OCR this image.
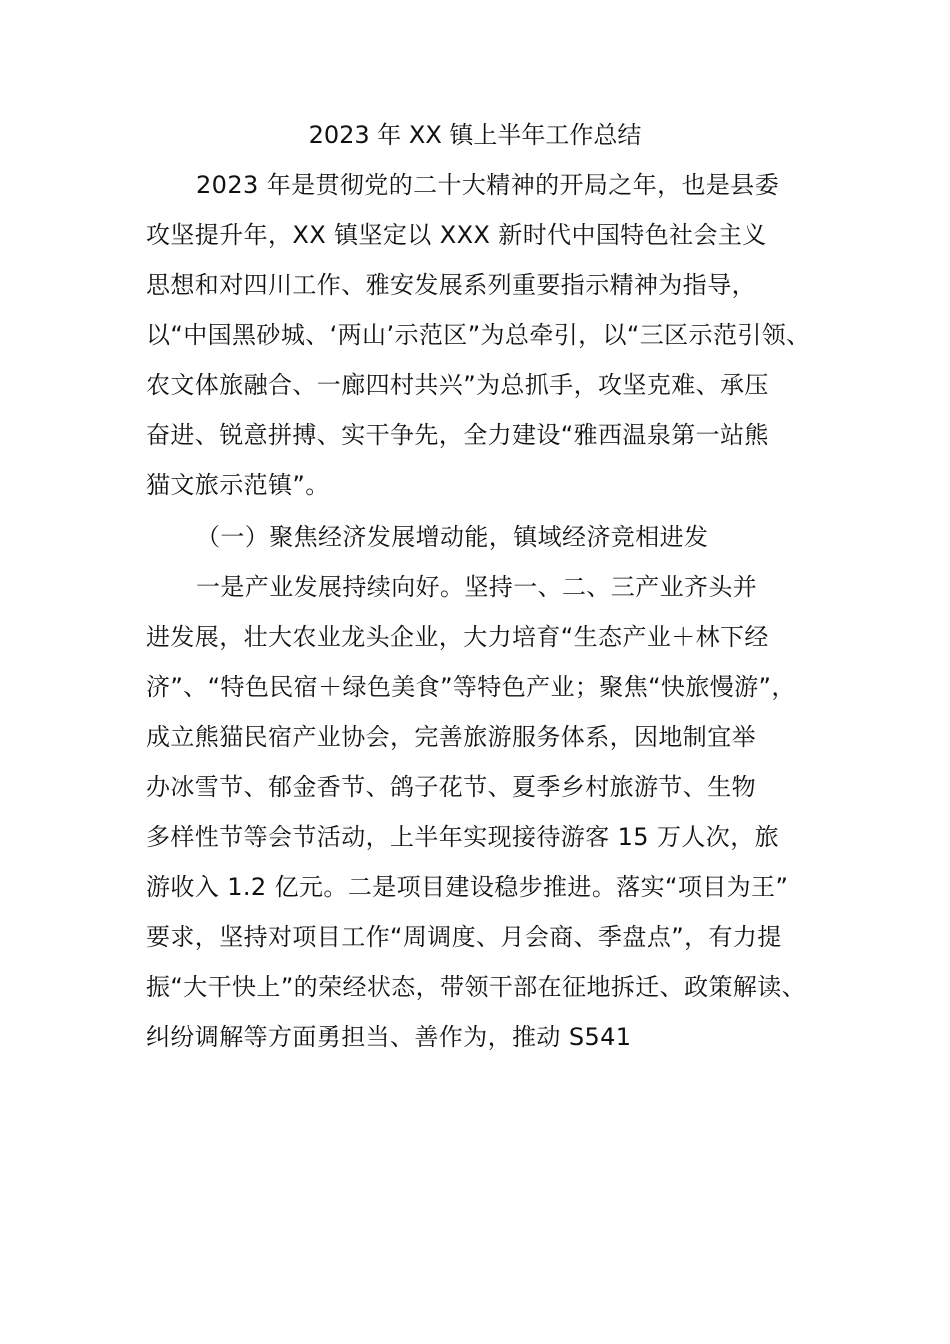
2023 年 XX 镇上半年工作总结
2023 年是贯彻党的二十大精神的开局之年，也是县委
攻坚提升年，XX 镇坚定以 XXX 新时代中国特色社会主义
思想和对四川工作、雅安发展系列重要指示精神为指导，
以“中国黑砂城、‘两山’示范区”为总牵引，以“三区示范引领、
农文体旅融合、一廊四村共兴”为总抓手，攻坚克难、承压
奋进、锐意拼搏、实干争先，全力建设“雅西温泉第一站熊
猫文旅示范镇”。
（一）聚焦经济发展增动能，镇域经济竞相进发
一是产业发展持续向好。坚持一、二、三产业齐头并
进发展，壮大农业龙头企业，大力培育“生态产业＋林下经
济”、“特色民宿＋绿色美食”等特色产业；聚焦“快旅慢游”，
成立熊猫民宿产业协会，完善旅游服务体系，因地制宜举
办冰雪节、郁金香节、鸽子花节、夏季乡村旅游节、生物
多样性节等会节活动，上半年实现接待游客 15 万人次，旅
游收入 1.2 亿元。二是项目建设稳步推进。落实“项目为王”
要求，坚持对项目工作“周调度、月会商、季盘点”，有力提
振“大干快上”的荣经状态，带领干部在征地拆迁、政策解读、
纠纷调解等方面勇担当、善作为，推动 S541
